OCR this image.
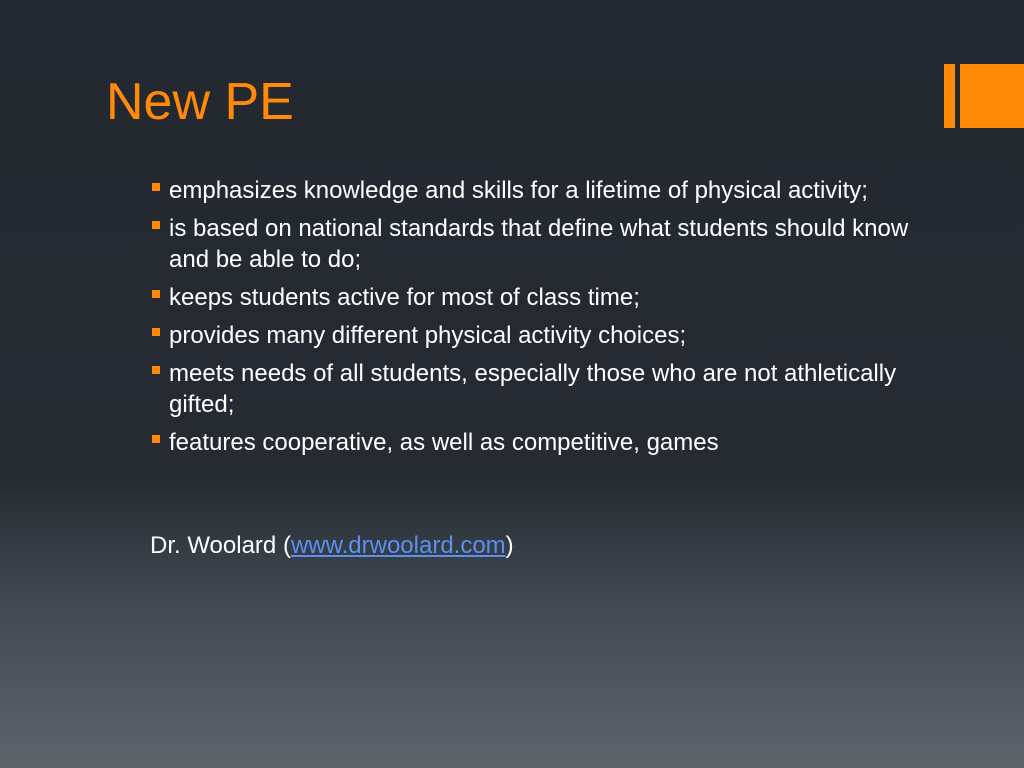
New PE
emphasizes knowledge and skills for a lifetime of physical activity;
is based on national standards that define what students should know and be able to do;
keeps students active for most of class time;
provides many different physical activity choices;
meets needs of all students, especially those who are not athletically gifted;
features cooperative, as well as competitive, games

Dr. Woolard (www.drwoolard.com)
